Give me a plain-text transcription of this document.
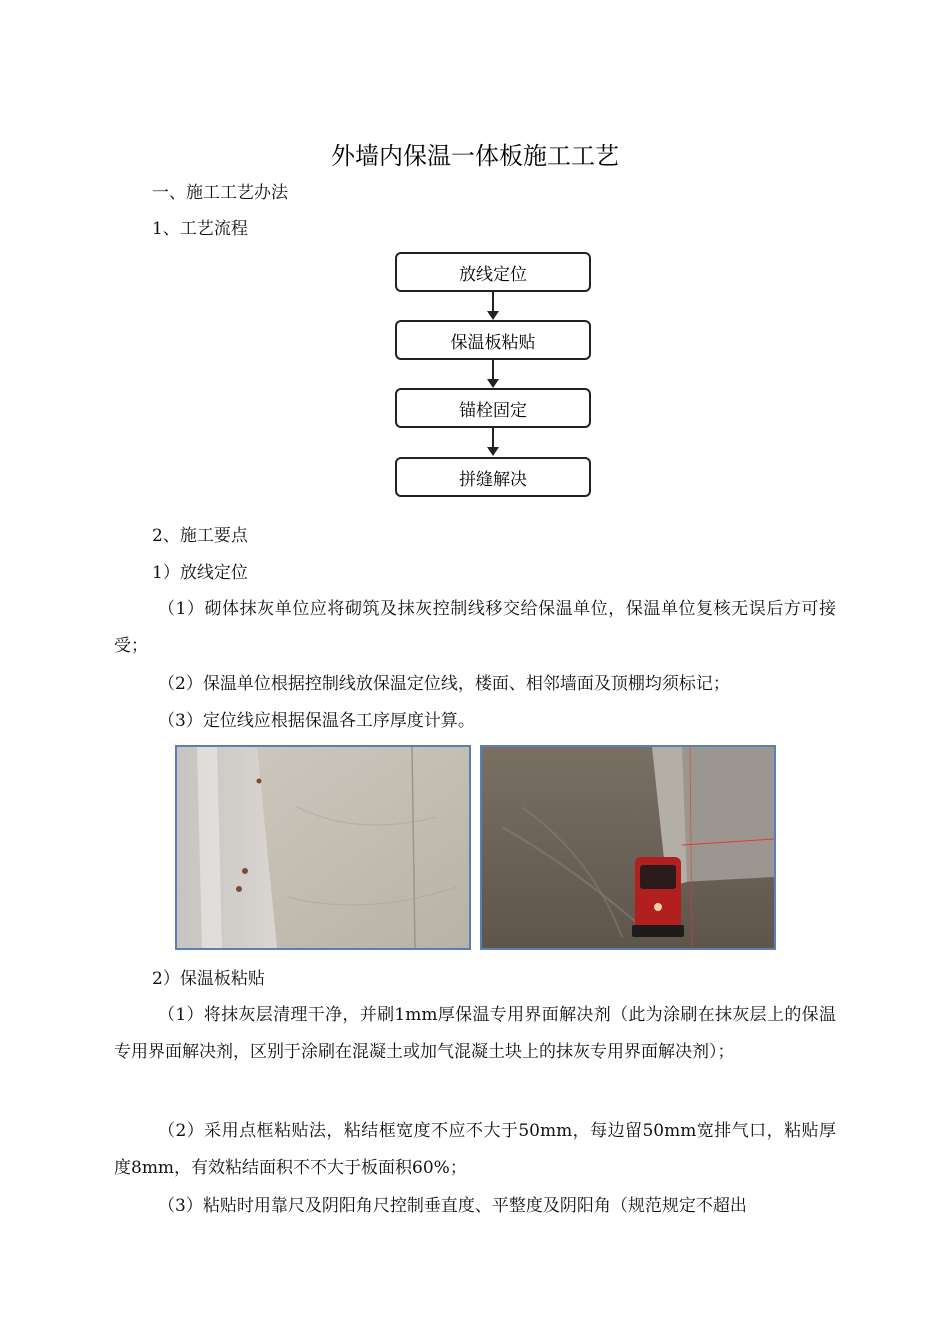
外墙内保温一体板施工工艺
一、施工工艺办法
1、工艺流程
放线定位
保温板粘贴
锚栓固定
拼缝解决
2、施工要点
1）放线定位

（1）砌体抹灰单位应将砌筑及抹灰控制线移交给保温单位，保温单位复核无误后方可接受；

（2）保温单位根据控制线放保温定位线，楼面、相邻墙面及顶棚均须标记；

（3）定位线应根据保温各工序厚度计算。

2）保温板粘贴

（1）将抹灰层清理干净，并刷1mm厚保温专用界面解决剂（此为涂刷在抹灰层上的保温专用界面解决剂，区别于涂刷在混凝土或加气混凝土块上的抹灰专用界面解决剂）；

（2）采用点框粘贴法，粘结框宽度不应不大于50mm，每边留50mm宽排气口，粘贴厚度8mm，有效粘结面积不不大于板面积60%；

（3）粘贴时用靠尺及阴阳角尺控制垂直度、平整度及阴阳角（规范规定不超出
